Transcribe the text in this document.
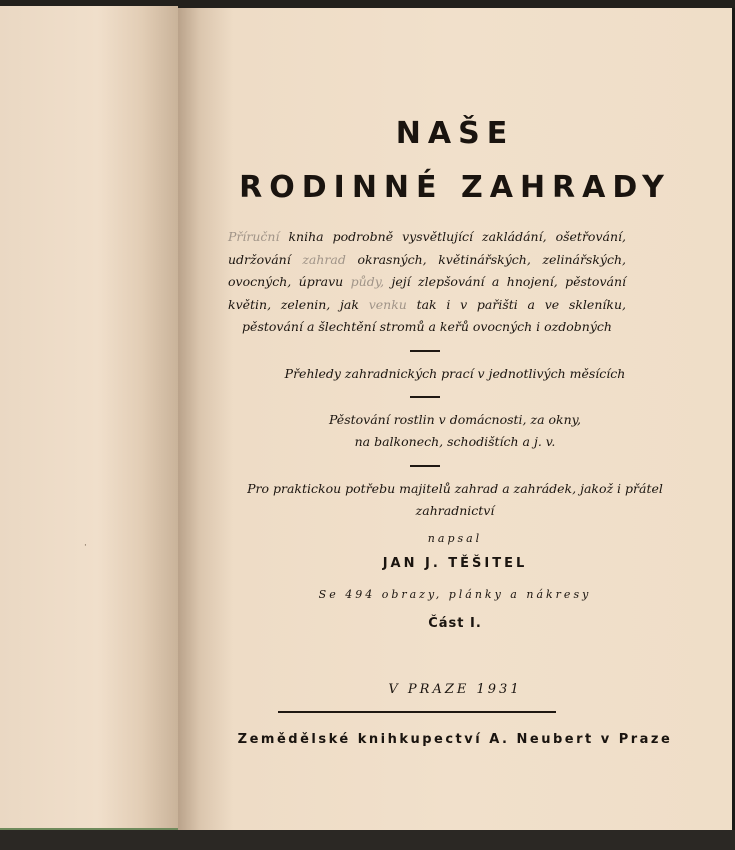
·
NAŠE
RODINNÉ ZAHRADY
Příruční kniha podrobně vysvětlující zakládání, ošetřování, udržování zahrad okrasných, květinářských, zelinářských, ovocných, úpravu půdy, její zlepšování a hnojení, pěstování květin, zelenin, jak venku tak i v pařišti a ve skleníku, pěstování a šlechtění stromů a keřů ovocných i ozdobných
Přehledy zahradnických prací v jednotlivých měsících
Pěstování rostlin v domácnosti, za okny,
na balkonech, schodištích a j. v.
Pro praktickou potřebu majitelů zahrad a zahrádek, jakož i přátel
zahradnictví
napsal
JAN J. TĚŠITEL
Se 494 obrazy, plánky a nákresy
Část I.
V PRAZE 1931
Zemědělské knihkupectví A. Neubert v Praze
